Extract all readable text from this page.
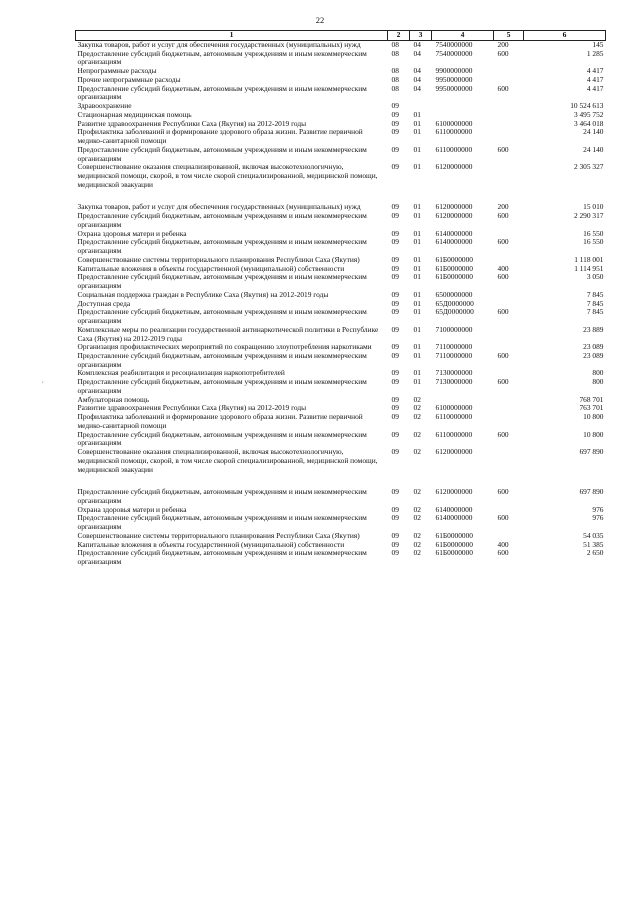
22
,
1	2	3	4	5	6
Закупка товаров, работ и услуг для обеспечения государственных (муниципальных) нужд	08	04	7540000000	200	145
Предоставление субсидий бюджетным, автономным учреждениям и иным некоммерческим организациям	08	04	7540000000	600	1 285
Непрограммные расходы	08	04	9900000000		4 417
Прочие непрограммные расходы	08	04	9950000000		4 417
Предоставление субсидий бюджетным, автономным учреждениям и иным некоммерческим организациям	08	04	9950000000	600	4 417
Здравоохранение	09				10 524 613
Стационарная медицинская помощь	09	01			3 495 752
Развитие здравоохранения Республики Саха (Якутия) на 2012-2019 годы	09	01	6100000000		3 464 018
Профилактика заболеваний и формирование здорового образа жизни. Развитие первичной медико-санитарной помощи	09	01	6110000000		24 140
Предоставление субсидий бюджетным, автономным учреждениям и иным некоммерческим организациям	09	01	6110000000	600	24 140
Совершенствование оказания специализированной, включая высокотехнологичную, медицинской помощи, скорой, в том числе скорой специализированной, медицинской помощи, медицинской эвакуации	09	01	6120000000		2 305 327

Закупка товаров, работ и услуг для обеспечения государственных (муниципальных) нужд	09	01	6120000000	200	15 010
Предоставление субсидий бюджетным, автономным учреждениям и иным некоммерческим организациям	09	01	6120000000	600	2 290 317
Охрана здоровья матери и ребенка	09	01	6140000000		16 550
Предоставление субсидий бюджетным, автономным учреждениям и иным некоммерческим организациям	09	01	6140000000	600	16 550
Совершенствование системы территориального планирования Республики Саха (Якутия)	09	01	61Б0000000		1 118 001
Капитальные вложения в объекты государственной (муниципальной) собственности	09	01	61Б0000000	400	1 114 951
Предоставление субсидий бюджетным, автономным учреждениям и иным некоммерческим организациям	09	01	61Б0000000	600	3 050
Социальная поддержка граждан в Республике Саха (Якутия) на 2012-2019 годы	09	01	6500000000		7 845
Доступная среда	09	01	65Д0000000		7 845
Предоставление субсидий бюджетным, автономным учреждениям и иным некоммерческим организациям	09	01	65Д0000000	600	7 845
Комплексные меры по реализации государственной антинаркотической политики в Республике Саха (Якутия) на 2012-2019 годы	09	01	7100000000		23 889
Организация профилактических мероприятий по сокращению злоупотребления наркотиками	09	01	7110000000		23 089
Предоставление субсидий бюджетным, автономным учреждениям и иным некоммерческим организациям	09	01	7110000000	600	23 089
Комплексная реабилитация и ресоциализация наркопотребителей	09	01	7130000000		800
Предоставление субсидий бюджетным, автономным учреждениям и иным некоммерческим организациям	09	01	7130000000	600	800
Амбулаторная помощь	09	02			768 701
Развитие здравоохранения Республики Саха (Якутия) на 2012-2019 годы	09	02	6100000000		763 701
Профилактика заболеваний и формирование здорового образа жизни. Развитие первичной медико-санитарной помощи	09	02	6110000000		10 800
Предоставление субсидий бюджетным, автономным учреждениям и иным некоммерческим организациям	09	02	6110000000	600	10 800
Совершенствование оказания специализированной, включая высокотехнологичную, медицинской помощи, скорой, в том числе скорой специализированной, медицинской помощи, медицинской эвакуации	09	02	6120000000		697 890

Предоставление субсидий бюджетным, автономным учреждениям и иным некоммерческим организациям	09	02	6120000000	600	697 890
Охрана здоровья матери и ребенка	09	02	6140000000		976
Предоставление субсидий бюджетным, автономным учреждениям и иным некоммерческим организациям	09	02	6140000000	600	976
Совершенствование системы территориального планирования Республики Саха (Якутия)	09	02	61Б0000000		54 035
Капитальные вложения в объекты государственной (муниципальной) собственности	09	02	61Б0000000	400	51 385
Предоставление субсидий бюджетным, автономным учреждениям и иным некоммерческим организациям	09	02	61Б0000000	600	2 650
